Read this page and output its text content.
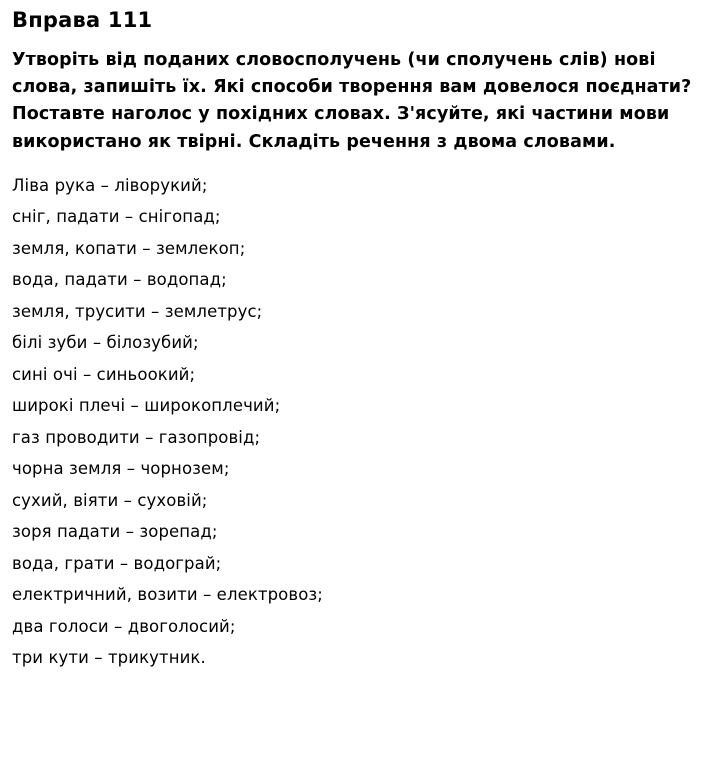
Вправа 111

Утворіть від поданих словосполучень (чи сполучень слів) нові слова, запишіть їх. Які способи творення вам довелося поєднати? Поставте наголос у похідних словах. З'ясуйте, які частини мови використано як твірні. Складіть речення з двома словами.

Ліва рука – ліворукий;
сніг, падати – снігопад;
земля, копати – землекоп;
вода, падати – водопад;
земля, трусити – землетрус;
білі зуби – білозубий;
сині очі – синьоокий;
широкі плечі – широкоплечий;
газ проводити – газопровід;
чорна земля – чорнозем;
сухий, віяти – суховій;
зоря падати – зорепад;
вода, грати – водограй;
електричний, возити – електровоз;
два голоси – двоголосий;
три кути – трикутник.
